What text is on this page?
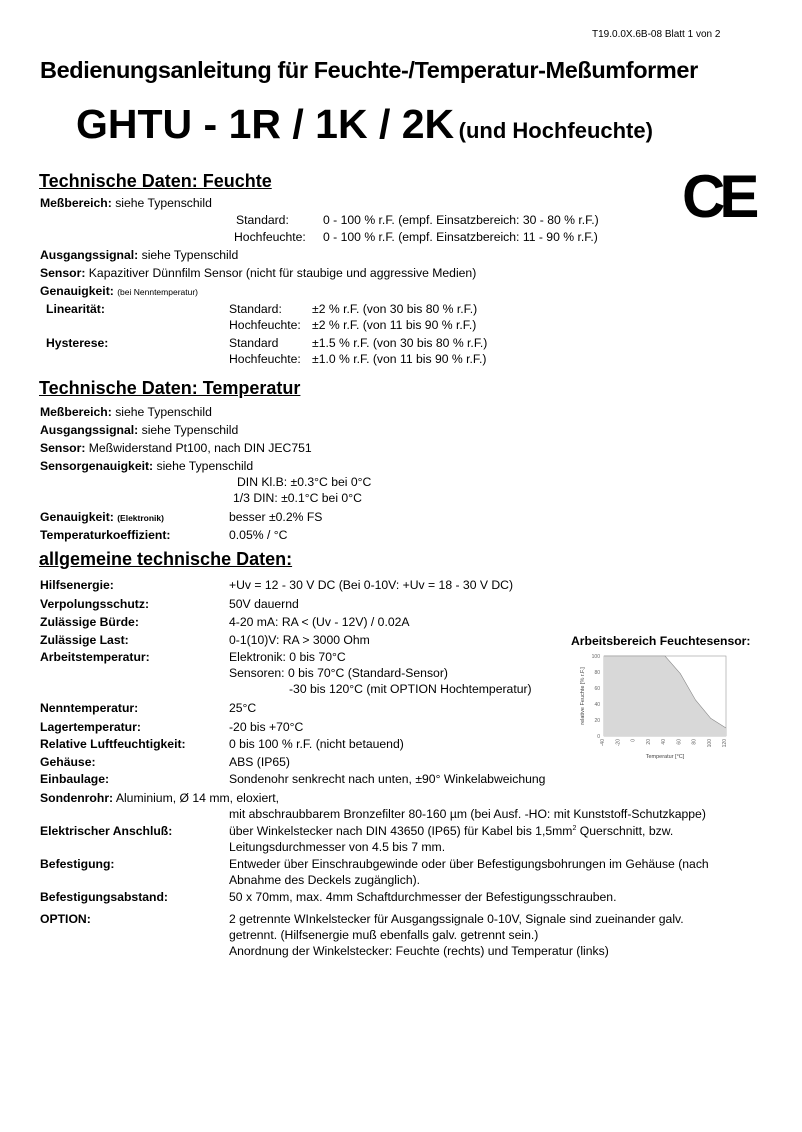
T19.0.0X.6B-08 Blatt 1 von 2
Bedienungsanleitung für Feuchte-/Temperatur-Meßumformer
GHTU - 1R / 1K / 2K (und Hochfeuchte)
CE
Technische Daten: Feuchte
Meßbereich: siehe Typenschild
Standard:	0 - 100 % r.F. (empf. Einsatzbereich: 30 - 80 % r.F.)
Hochfeuchte: 0 - 100 % r.F. (empf. Einsatzbereich: 11 - 90 % r.F.)
Ausgangssignal: siehe Typenschild
Sensor: Kapazitiver Dünnfilm Sensor (nicht für staubige und aggressive Medien)
Genauigkeit: (bei Nenntemperatur)
Linearität:	Standard: ±2 % r.F. (von 30 bis 80 % r.F.)
Hochfeuchte: ±2 % r.F. (von 11 bis 90 % r.F.)
Hysterese:	Standard	±1.5 % r.F. (von 30 bis 80 % r.F.)
Hochfeuchte: ±1.0 % r.F. (von 11 bis 90 % r.F.)
Technische Daten: Temperatur
Meßbereich: siehe Typenschild
Ausgangssignal: siehe Typenschild
Sensor: Meßwiderstand Pt100, nach DIN JEC751
Sensorgenauigkeit: siehe Typenschild
DIN Kl.B: ±0.3°C bei 0°C
1/3 DIN: ±0.1°C bei 0°C
Genauigkeit: (Elektronik)	besser ±0.2% FS
Temperaturkoeffizient:	0.05% / °C
allgemeine technische Daten:
Hilfsenergie:	+Uv = 12 - 30 V DC (Bei 0-10V: +Uv = 18 - 30 V DC)
Verpolungsschutz:	50V dauernd
Zulässige Bürde:	4-20 mA: RA < (Uv - 12V) / 0.02A
Zulässige Last:	0-1(10)V: RA > 3000 Ohm
Arbeitstemperatur:	Elektronik: 0 bis 70°C
Sensoren: 0 bis 70°C (Standard-Sensor)
-30 bis 120°C (mit OPTION Hochtemperatur)
Nenntemperatur:	25°C
Lagertemperatur:	-20 bis +70°C
Relative Luftfeuchtigkeit:	0 bis 100 % r.F. (nicht betauend)
Gehäuse:	ABS (IP65)
Einbaulage:	Sondenohr senkrecht nach unten, ±90° Winkelabweichung
Sondenrohr: Aluminium, Ø 14 mm, eloxiert,
mit abschraubbarem Bronzefilter 80-160 µm (bei Ausf. -HO: mit Kunststoff-Schutzkappe)
Elektrischer Anschluß:	über Winkelstecker nach DIN 43650 (IP65) für Kabel bis $1,5mm^2$ Querschnitt, bzw.
Leitungsdurchmesser von 4.5 bis 7 mm.
Befestigung:	Entweder über Einschraubgewinde oder über Befestigungsbohrungen im Gehäuse (nach
Abnahme des Deckels zugänglich).
Befestigungsabstand:	50 x 70mm, max. 4mm Schaftdurchmesser der Befestigungsschrauben.
OPTION:	2 getrennte WInkelstecker für Ausgangssignale 0-10V, Signale sind zueinander galv.
getrennt. (Hilfsenergie muß ebenfalls galv. getrennt sein.)
Anordnung der Winkelstecker: Feuchte (rechts) und Temperatur (links)
Arbeitsbereich Feuchtesensor:
0
20
40
60
80
100
-40 -20 0 20 40 60 80 100 120
Temperatur [°C]
relative Feuchte [% r.F.]
